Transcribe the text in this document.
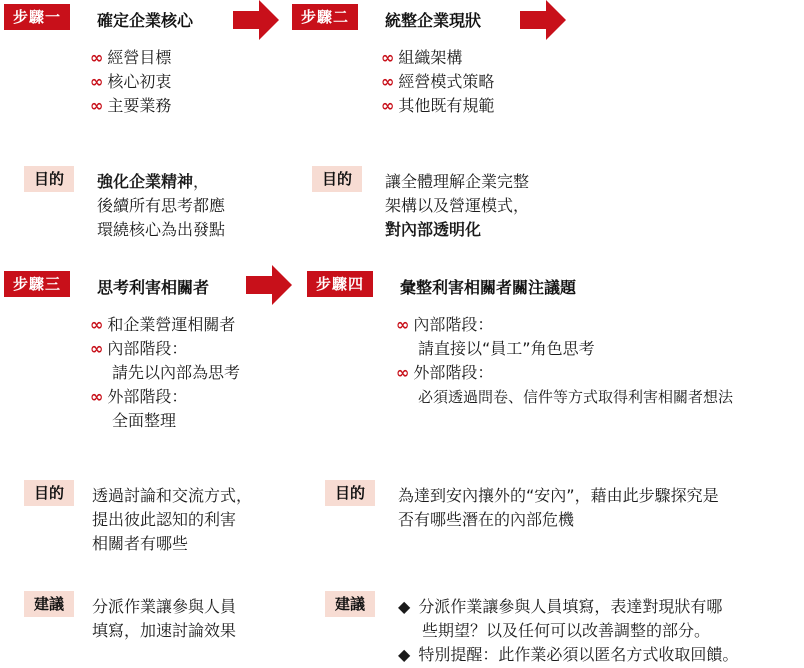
步驟一	確定企業核心
∞ 經營目標
∞ 核心初衷
∞ 主要業務
目的	強化企業精神，
後續所有思考都應
環繞核心為出發點
步驟二	統整企業現狀
∞ 組織架構
∞ 經營模式策略
∞ 其他既有規範
目的	讓全體理解企業完整
架構以及營運模式，
對內部透明化
步驟三	思考利害相關者
∞ 和企業營運相關者
∞ 內部階段：
請先以內部為思考
∞ 外部階段：
全面整理
目的	透過討論和交流方式，
提出彼此認知的利害
相關者有哪些
建議	分派作業讓參與人員
填寫，加速討論效果
步驟四	彙整利害相關者關注議題
∞ 內部階段：
請直接以“員工”角色思考
∞ 外部階段：
必須透過問卷、信件等方式取得利害相關者想法
目的	為達到安內攘外的“安內”，藉由此步驟探究是
否有哪些潛在的內部危機
建議	◆ 分派作業讓參與人員填寫，表達對現狀有哪
些期望？以及任何可以改善調整的部分。
◆ 特別提醒：此作業必須以匿名方式收取回饋。
